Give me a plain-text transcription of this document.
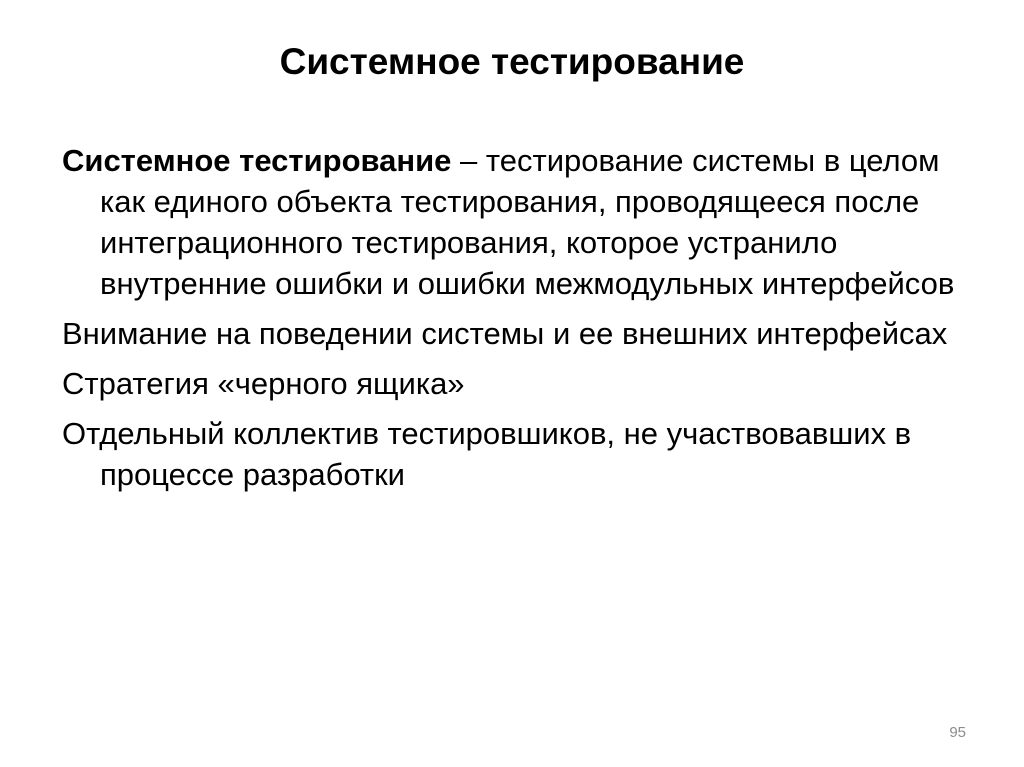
Системное тестирование
Системное тестирование – тестирование системы в целом как единого объекта тестирования, проводящееся после интеграционного тестирования, которое устранило внутренние ошибки и ошибки межмодульных интерфейсов
Внимание на поведении системы и ее внешних интерфейсах
Стратегия «черного ящика»
Отдельный коллектив тестировшиков, не участвовавших в процессе разработки
95
